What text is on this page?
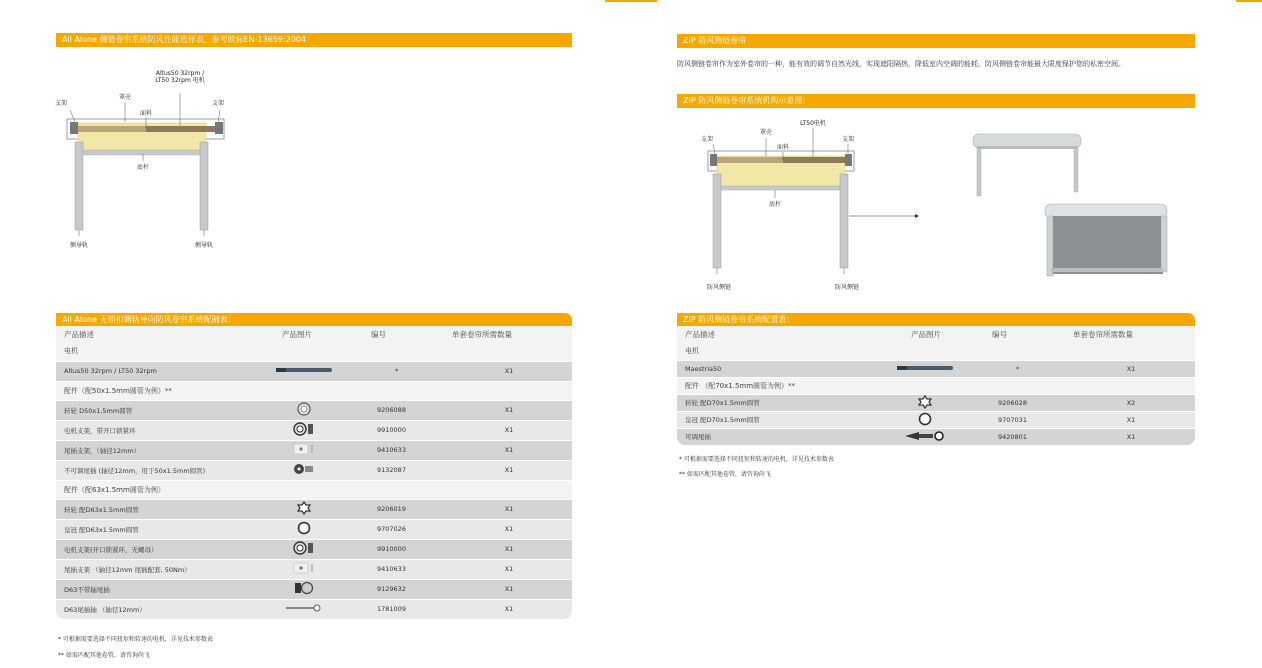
All Alone 侧链卷帘系统防风性能选择表，参考欧标EN-13659:2004
Altus50 32rpm /
LT50 32rpm 电机
支架
罩壳
面料
支架
底杆
侧导轨	侧导轨
All Alone 无锁扣侧轨导向防风卷帘系统配制表：
产品描述	产品图片	编号	单套卷帘所需数量
电机			
Altus50 32rpm / LT50 32rpm		*	X1
配件（配50x1.5mm圆管为例）**			
转轮 D50x1.5mm圆管		9206088	X1
电机支架，带开口锁紧环		9910000	X1
尾插支架，（轴径12mm）		9410633	X1
不可调尾插 (轴径12mm，用于50x1.5mm圆管)		9132087	X1
配件（配63x1.5mm圆管为例）			
转轮 配D63x1.5mm圆管		9206019	X1
皇冠 配D63x1.5mm圆管		9707026	X1
电机支架(开口锁紧环，无螺母）		9910000	X1
尾插支架 （轴径12mm 尾插配套, 50Nm）		9410633	X1
D63不带轴尾插		9129632	X1
D63尾插轴 （轴径12mm）		1781009	X1
* 可根据需要选择不同扭矩和转速的电机，详见技术参数表
** 如需匹配其他卷管，请咨询尚飞
ZIP 防风侧链卷帘
防风侧链卷帘作为室外卷帘的一种，能有效的调节自然光线，实现遮阳隔热，降低室内空调的能耗。防风侧链卷帘能最大限度保护您的私密空间。
ZIP 防风侧链卷帘系统机构示意图：
LT50电机
支架
罩壳
面料
支架
底杆
防风侧链	防风侧链
ZIP 防风侧链卷帘系统配置表：
产品描述	产品图片	编号	单套卷帘所需数量
电机			
Maestria50		*	X1
配件 （配70x1.5mm圆管为例）**			
转轮 配D70x1.5mm圆管		9206028	X2
皇冠 配D70x1.5mm圆管		9707031	X1
可调尾插		9420801	X1
* 可根据需要选择不同扭矩和转速的电机，详见技术参数表
** 如需匹配其他卷管，请咨询尚飞
